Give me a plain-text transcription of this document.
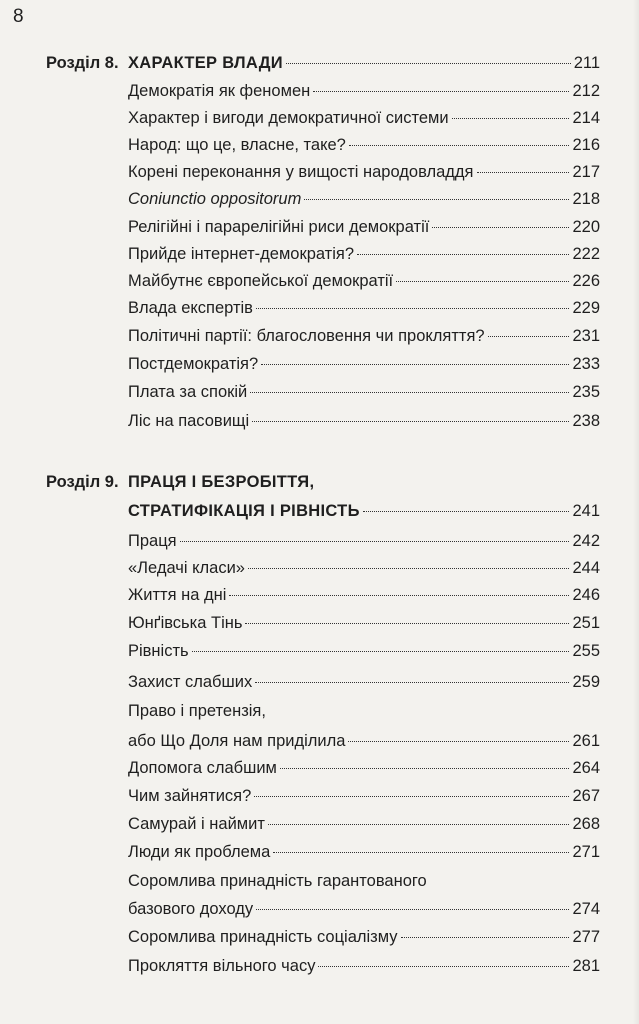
8
Розділ 8. ХАРАКТЕР ВЛАДИ	211
Демократія як феномен	212
Характер і вигоди демократичної системи	214
Народ: що це, власне, таке?	216
Корені переконання у вищості народовладдя	217
Coniunctio oppositorum	218
Релігійні і парарелігійні риси демократії	220
Прийде інтернет-демократія?	222
Майбутнє європейської демократії	226
Влада експертів	229
Політичні партії: благословення чи прокляття?	231
Постдемократія?	233
Плата за спокій	235
Ліс на пасовищі	238
Розділ 9. ПРАЦЯ І БЕЗРОБІТТЯ,
СТРАТИФІКАЦІЯ І РІВНІСТЬ	241
Праця	242
«Ледачі класи»	244
Життя на дні	246
Юнґівська Тінь	251
Рівність	255
Захист слабших	259
Право і претензія,
або Що Доля нам приділила	261
Допомога слабшим	264
Чим зайнятися?	267
Самурай і наймит	268
Люди як проблема	271
Соромлива принадність гарантованого
базового доходу	274
Соромлива принадність соціалізму	277
Прокляття вільного часу	281
